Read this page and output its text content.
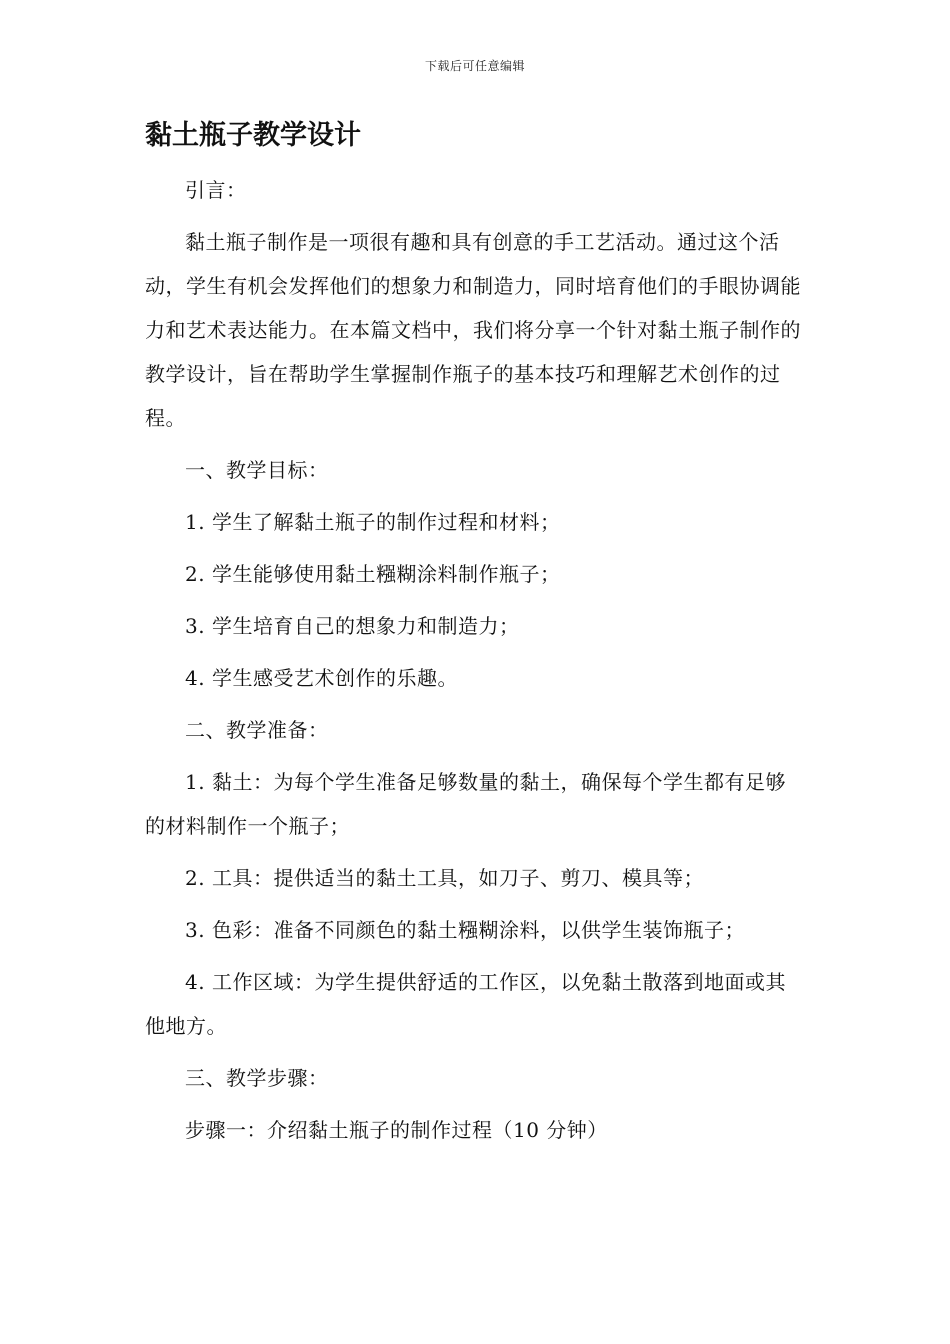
下载后可任意编辑
黏土瓶子教学设计

引言：

黏土瓶子制作是一项很有趣和具有创意的手工艺活动。通过这个活动，学生有机会发挥他们的想象力和制造力，同时培育他们的手眼协调能力和艺术表达能力。在本篇文档中，我们将分享一个针对黏土瓶子制作的教学设计，旨在帮助学生掌握制作瓶子的基本技巧和理解艺术创作的过程。

一、教学目标：

1. 学生了解黏土瓶子的制作过程和材料；

2. 学生能够使用黏土糨糊涂料制作瓶子；

3. 学生培育自己的想象力和制造力；

4. 学生感受艺术创作的乐趣。

二、教学准备：

1. 黏土：为每个学生准备足够数量的黏土，确保每个学生都有足够的材料制作一个瓶子；

2. 工具：提供适当的黏土工具，如刀子、剪刀、模具等；

3. 色彩：准备不同颜色的黏土糨糊涂料，以供学生装饰瓶子；

4. 工作区域：为学生提供舒适的工作区，以免黏土散落到地面或其他地方。

三、教学步骤：

步骤一：介绍黏土瓶子的制作过程（10 分钟）
